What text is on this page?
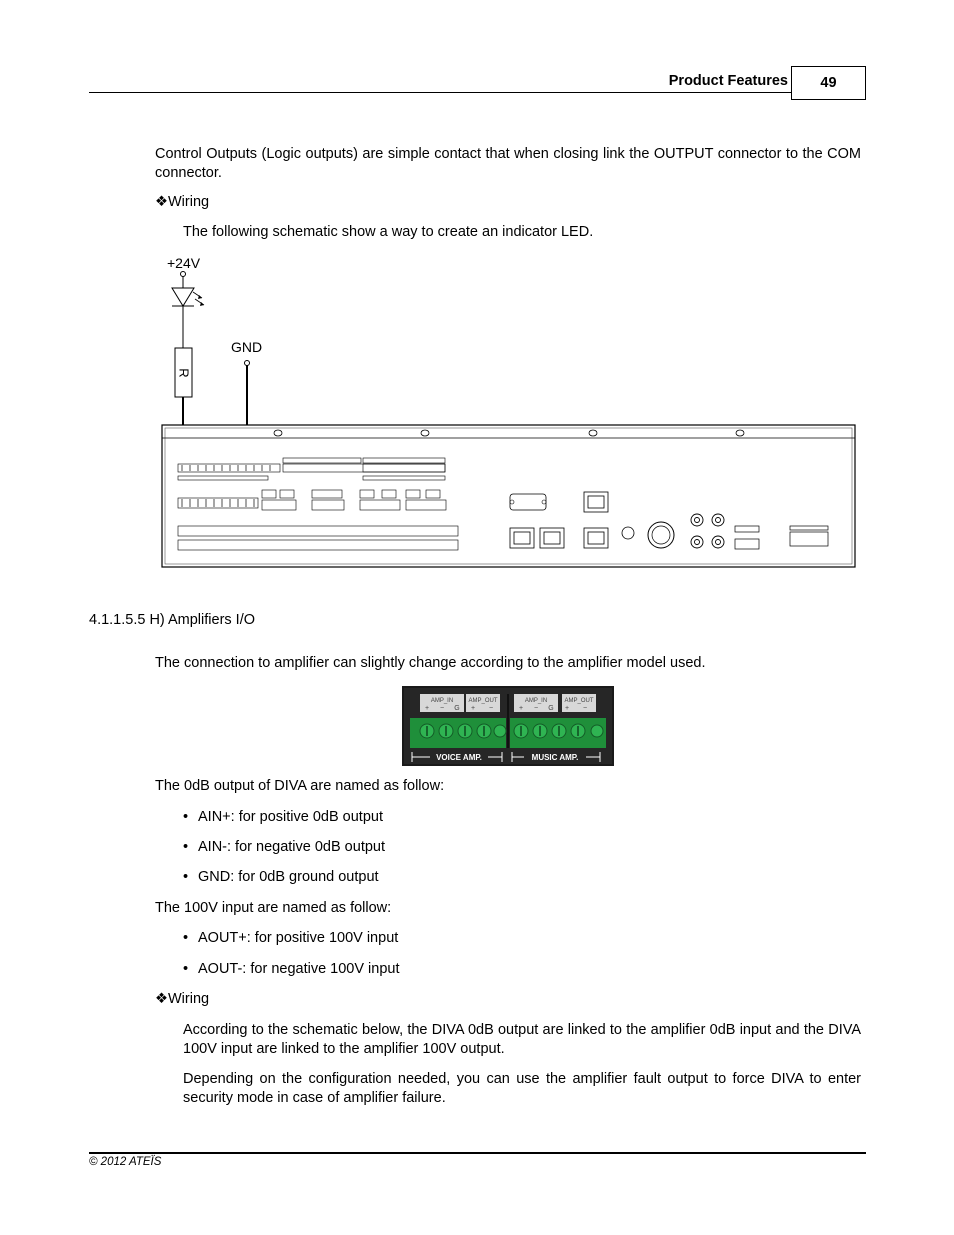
Product Features	49
Control Outputs (Logic outputs) are simple contact that when closing link the OUTPUT connector to the COM connector.
❖Wiring
The following schematic show a way to create an indicator LED.
+24V
R
GND
4.1.1.5.5 H) Amplifiers I/O
The connection to amplifier can slightly change according to the amplifier model used.
AMP_IN	AMP_OUT	AMP_IN	AMP_OUT
+ − G + −	+ − G + −
VOICE AMP.	MUSIC AMP.
The 0dB output of DIVA are named as follow:
• AIN+: for positive 0dB output
• AIN-: for negative 0dB output
• GND: for 0dB ground output
The 100V input are named as follow:
• AOUT+: for positive 100V input
• AOUT-: for negative 100V input
❖Wiring
According to the schematic below, the DIVA 0dB output are linked to the amplifier 0dB input and the DIVA 100V input are linked to the amplifier 100V output.
Depending on the configuration needed, you can use the amplifier fault output to force DIVA to enter security mode in case of amplifier failure.
© 2012 ATEÏS
